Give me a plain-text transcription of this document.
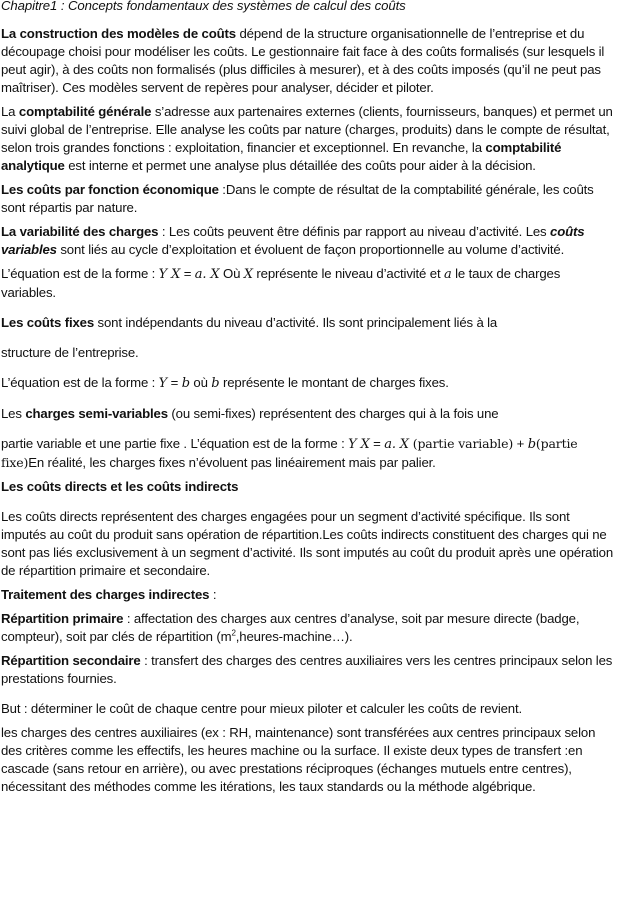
Chapitre1 : Concepts fondamentaux des systèmes de calcul des coûts

La construction des modèles de coûts dépend de la structure organisationnelle de l’entreprise et du découpage choisi pour modéliser les coûts. Le gestionnaire fait face à des coûts formalisés (sur lesquels il peut agir), à des coûts non formalisés (plus difficiles à mesurer), et à des coûts imposés (qu’il ne peut pas maîtriser). Ces modèles servent de repères pour analyser, décider et piloter.

La comptabilité générale s’adresse aux partenaires externes (clients, fournisseurs, banques) et permet un suivi global de l’entreprise. Elle analyse les coûts par nature (charges, produits) dans le compte de résultat, selon trois grandes fonctions : exploitation, financier et exceptionnel. En revanche, la comptabilité analytique est interne et permet une analyse plus détaillée des coûts pour aider à la décision.

Les coûts par fonction économique :Dans le compte de résultat de la comptabilité générale, les coûts sont répartis par nature.

La variabilité des charges : Les coûts peuvent être définis par rapport au niveau d’activité. Les coûts variables sont liés au cycle d’exploitation et évoluent de façon proportionnelle au volume d’activité.

L’équation est de la forme : Y X = a. X Où X représente le niveau d’activité et a le taux de charges variables.

Les coûts fixes sont indépendants du niveau d’activité. Ils sont principalement liés à la

structure de l’entreprise.

L’équation est de la forme : Y = b où b représente le montant de charges fixes.

Les charges semi-variables (ou semi-fixes) représentent des charges qui à la fois une

partie variable et une partie fixe . L’équation est de la forme : Y X = a. X (partie variable) + b(partie fixe)En réalité, les charges fixes n’évoluent pas linéairement mais par palier.

Les coûts directs et les coûts indirects

Les coûts directs représentent des charges engagées pour un segment d’activité spécifique. Ils sont imputés au coût du produit sans opération de répartition.Les coûts indirects constituent des charges qui ne sont pas liés exclusivement à un segment d’activité. Ils sont imputés au coût du produit après une opération de répartition primaire et secondaire.

Traitement des charges indirectes :

Répartition primaire : affectation des charges aux centres d’analyse, soit par mesure directe (badge, compteur), soit par clés de répartition $(m^2,heures-machine\dots)$.

Répartition secondaire : transfert des charges des centres auxiliaires vers les centres principaux selon les prestations fournies.

But : déterminer le coût de chaque centre pour mieux piloter et calculer les coûts de revient.

les charges des centres auxiliaires (ex : RH, maintenance) sont transférées aux centres principaux selon des critères comme les effectifs, les heures machine ou la surface. Il existe deux types de transfert :en cascade (sans retour en arrière), ou avec prestations réciproques (échanges mutuels entre centres), nécessitant des méthodes comme les itérations, les taux standards ou la méthode algébrique.
